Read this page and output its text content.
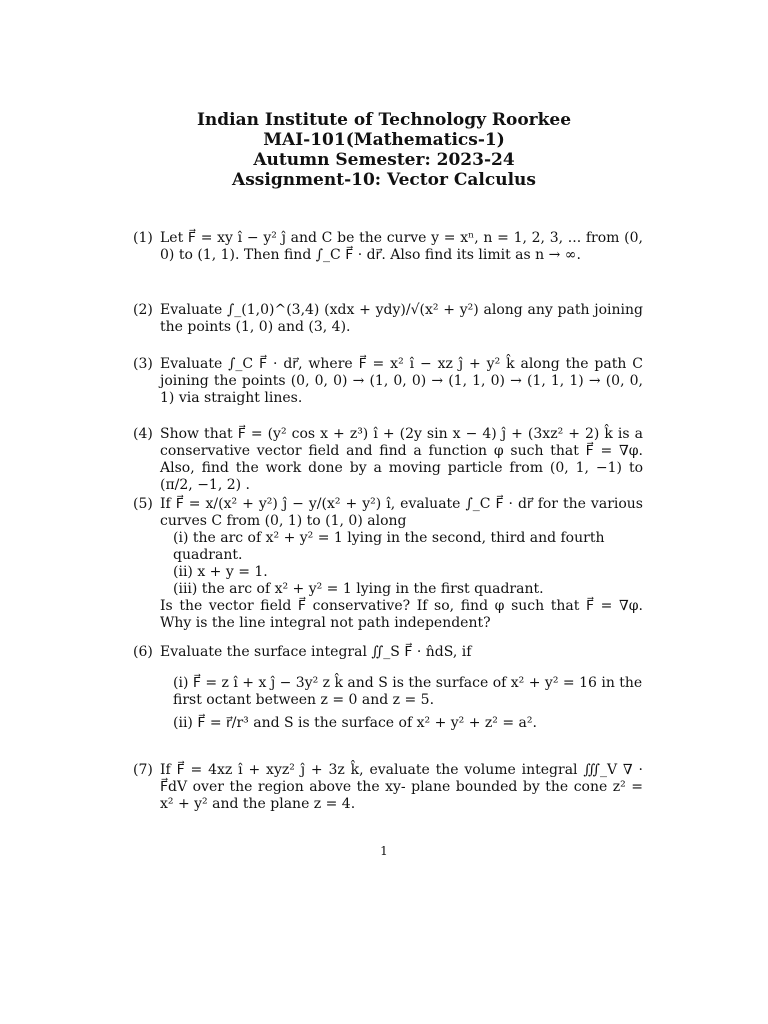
Indian Institute of Technology Roorkee
MAI-101(Mathematics-1)
Autumn Semester: 2023-24
Assignment-10: Vector Calculus
(1) Let F⃗ = xy î − y² ĵ and C be the curve y = xⁿ, n = 1, 2, 3, ... from (0, 0) to (1, 1). Then find ∫_C F⃗ · dr⃗. Also find its limit as n → ∞.
(2) Evaluate ∫_(1,0)^(3,4) (xdx + ydy)/√(x² + y²) along any path joining the points (1, 0) and (3, 4).
(3) Evaluate ∫_C F⃗ · dr⃗, where F⃗ = x² î − xz ĵ + y² k̂ along the path C joining the points (0, 0, 0) → (1, 0, 0) → (1, 1, 0) → (1, 1, 1) → (0, 0, 1) via straight lines.
(4) Show that F⃗ = (y² cos x + z³) î + (2y sin x − 4) ĵ + (3xz² + 2) k̂ is a conservative vector field and find a function φ such that F⃗ = ∇φ. Also, find the work done by a moving particle from (0, 1, −1) to (π/2, −1, 2) .
(5) If F⃗ = x/(x² + y²) ĵ − y/(x² + y²) î, evaluate ∫_C F⃗ · dr⃗ for the various curves C from (0, 1) to (1, 0) along
(i) the arc of x² + y² = 1 lying in the second, third and fourth quadrant.
(ii) x + y = 1.
(iii) the arc of x² + y² = 1 lying in the first quadrant.
Is the vector field F⃗ conservative? If so, find φ such that F⃗ = ∇φ. Why is the line integral not path independent?
(6) Evaluate the surface integral ∬_S F⃗ · n̂dS, if
(i) F⃗ = z î + x ĵ − 3y² z k̂ and S is the surface of x² + y² = 16 in the first octant between z = 0 and z = 5.
(ii) F⃗ = r⃗/r³ and S is the surface of x² + y² + z² = a².
(7) If F⃗ = 4xz î + xyz² ĵ + 3z k̂, evaluate the volume integral ∭_V ∇ · F⃗dV over the region above the xy- plane bounded by the cone z² = x² + y² and the plane z = 4.
1
